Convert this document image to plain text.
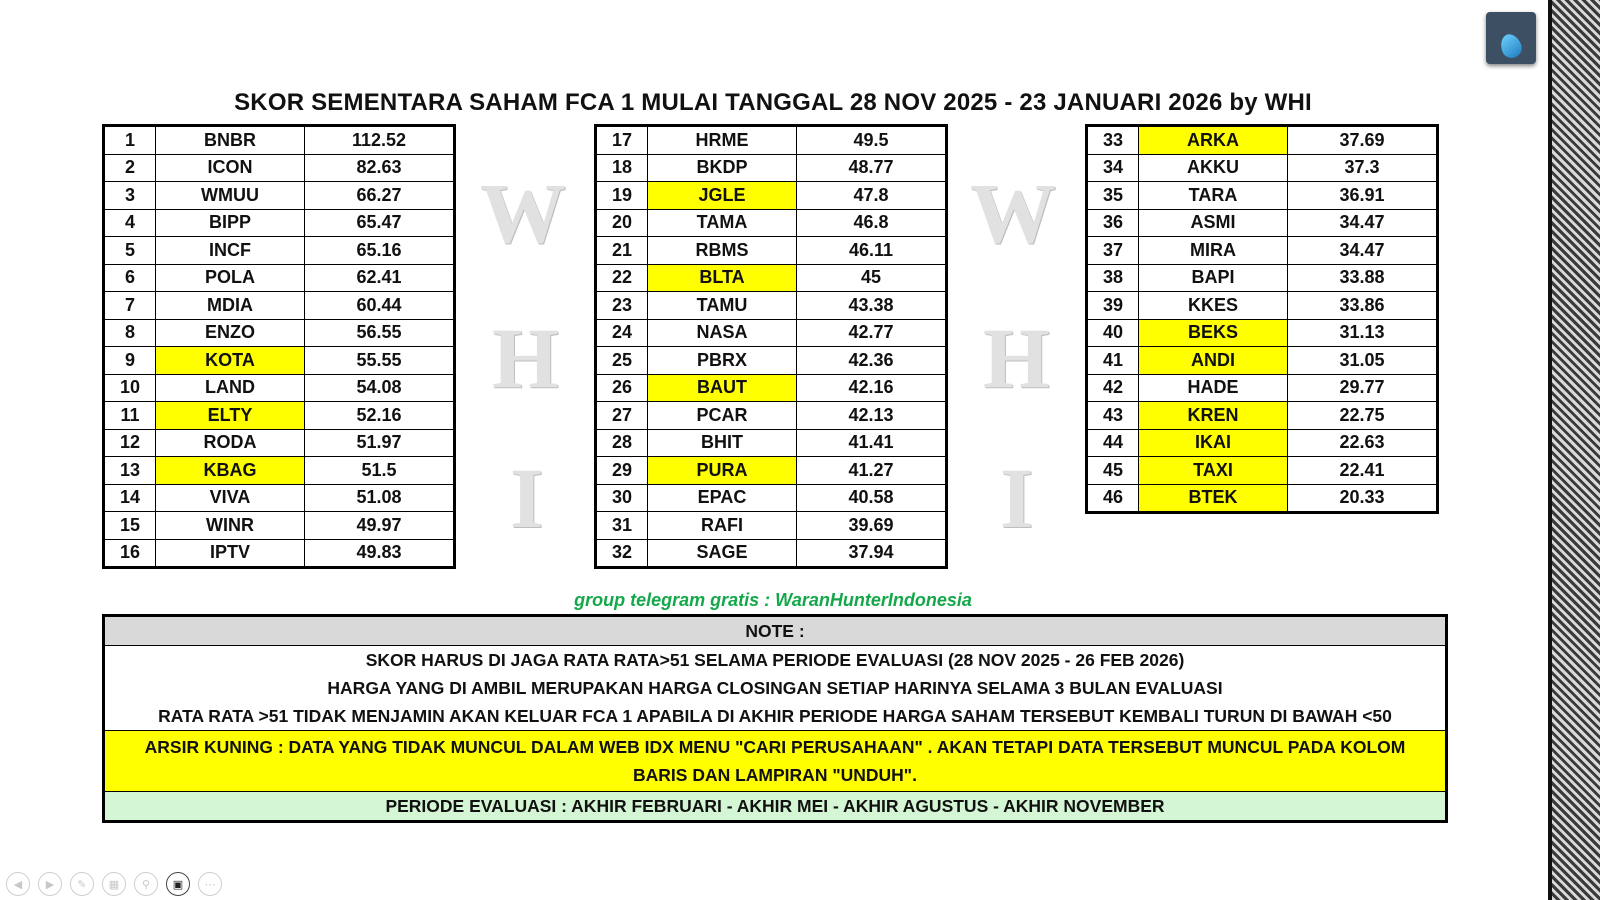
SKOR SEMENTARA SAHAM FCA 1 MULAI TANGGAL 28 NOV 2025 - 23 JANUARI 2026 by WHI
W
H
I
W
H
I
1	BNBR	112.52
2	ICON	82.63
3	WMUU	66.27
4	BIPP	65.47
5	INCF	65.16
6	POLA	62.41
7	MDIA	60.44
8	ENZO	56.55
9	KOTA	55.55
10	LAND	54.08
11	ELTY	52.16
12	RODA	51.97
13	KBAG	51.5
14	VIVA	51.08
15	WINR	49.97
16	IPTV	49.83
17	HRME	49.5
18	BKDP	48.77
19	JGLE	47.8
20	TAMA	46.8
21	RBMS	46.11
22	BLTA	45
23	TAMU	43.38
24	NASA	42.77
25	PBRX	42.36
26	BAUT	42.16
27	PCAR	42.13
28	BHIT	41.41
29	PURA	41.27
30	EPAC	40.58
31	RAFI	39.69
32	SAGE	37.94
33	ARKA	37.69
34	AKKU	37.3
35	TARA	36.91
36	ASMI	34.47
37	MIRA	34.47
38	BAPI	33.88
39	KKES	33.86
40	BEKS	31.13
41	ANDI	31.05
42	HADE	29.77
43	KREN	22.75
44	IKAI	22.63
45	TAXI	22.41
46	BTEK	20.33
group telegram gratis : WaranHunterIndonesia
NOTE :
SKOR HARUS DI JAGA RATA RATA>51 SELAMA PERIODE EVALUASI (28 NOV 2025 - 26 FEB 2026)
HARGA YANG DI AMBIL MERUPAKAN HARGA CLOSINGAN SETIAP HARINYA SELAMA 3 BULAN EVALUASI
RATA RATA >51 TIDAK MENJAMIN AKAN KELUAR FCA 1 APABILA DI AKHIR PERIODE HARGA SAHAM TERSEBUT KEMBALI TURUN DI BAWAH <50
ARSIR KUNING : DATA YANG TIDAK MUNCUL DALAM WEB IDX MENU "CARI PERUSAHAAN" . AKAN TETAPI DATA TERSEBUT MUNCUL PADA KOLOM BARIS DAN LAMPIRAN "UNDUH".
PERIODE EVALUASI : AKHIR FEBRUARI - AKHIR MEI - AKHIR AGUSTUS - AKHIR NOVEMBER
◀	▶	✎	▦	⚲	▣	⋯
